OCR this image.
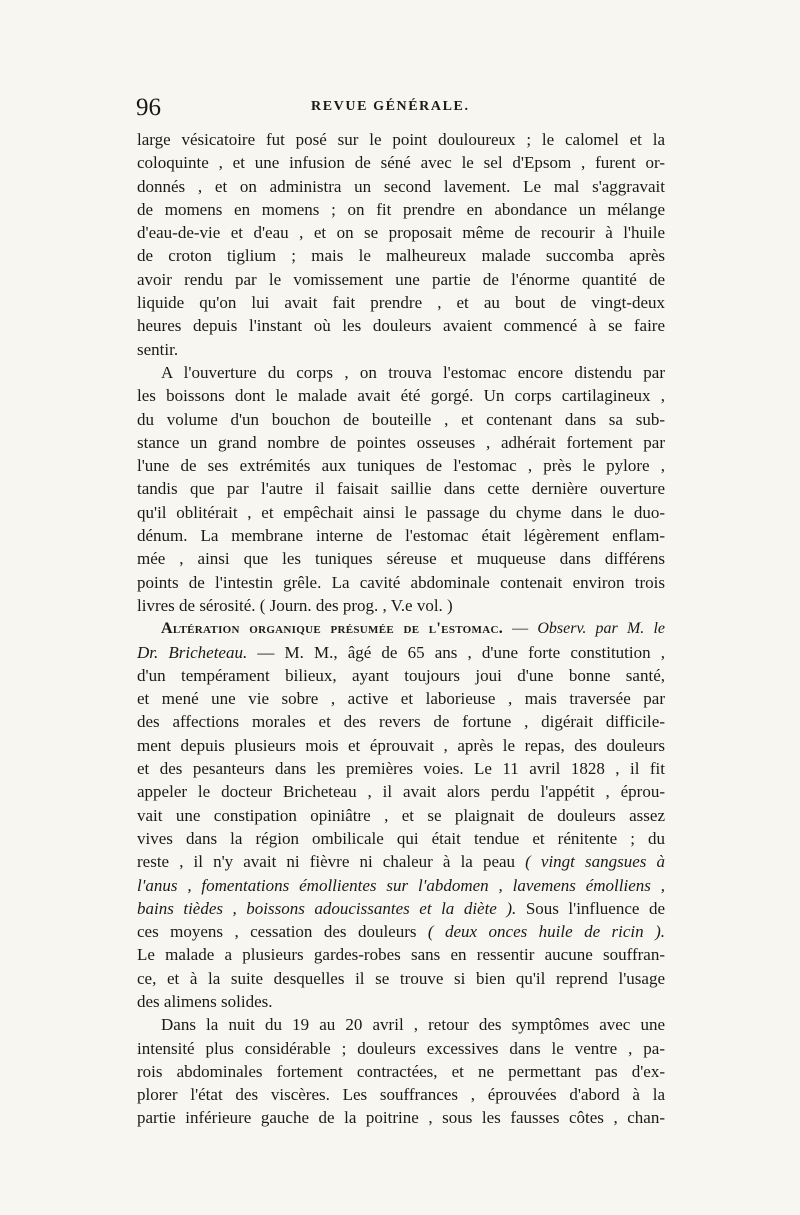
96	REVUE GÉNÉRALE.
large vésicatoire fut posé sur le point douloureux ; le calomel et la
coloquinte , et une infusion de séné avec le sel d'Epsom , furent or-
donnés , et on administra un second lavement. Le mal s'aggravait
de momens en momens ; on fit prendre en abondance un mélange
d'eau-de-vie et d'eau , et on se proposait même de recourir à l'huile
de croton tiglium ; mais le malheureux malade succomba après
avoir rendu par le vomissement une partie de l'énorme quantité de
liquide qu'on lui avait fait prendre , et au bout de vingt-deux
heures depuis l'instant où les douleurs avaient commencé à se faire
sentir.
A l'ouverture du corps , on trouva l'estomac encore distendu par
les boissons dont le malade avait été gorgé. Un corps cartilagineux ,
du volume d'un bouchon de bouteille , et contenant dans sa sub-
stance un grand nombre de pointes osseuses , adhérait fortement par
l'une de ses extrémités aux tuniques de l'estomac , près le pylore ,
tandis que par l'autre il faisait saillie dans cette dernière ouverture
qu'il oblitérait , et empêchait ainsi le passage du chyme dans le duo-
dénum. La membrane interne de l'estomac était légèrement enflam-
mée , ainsi que les tuniques séreuse et muqueuse dans différens
points de l'intestin grêle. La cavité abdominale contenait environ trois
livres de sérosité. ( Journ. des prog. , V.e vol. )
Altération organique présumée de l'estomac. — Observ. par M. le
Dr. Bricheteau. — M. M., âgé de 65 ans , d'une forte constitution ,
d'un tempérament bilieux, ayant toujours joui d'une bonne santé,
et mené une vie sobre , active et laborieuse , mais traversée par
des affections morales et des revers de fortune , digérait difficile-
ment depuis plusieurs mois et éprouvait , après le repas, des douleurs
et des pesanteurs dans les premières voies. Le 11 avril 1828 , il fit
appeler le docteur Bricheteau , il avait alors perdu l'appétit , éprou-
vait une constipation opiniâtre , et se plaignait de douleurs assez
vives dans la région ombilicale qui était tendue et rénitente ; du
reste , il n'y avait ni fièvre ni chaleur à la peau ( vingt sangsues à
l'anus , fomentations émollientes sur l'abdomen , lavemens émolliens ,
bains tièdes , boissons adoucissantes et la diète ). Sous l'influence de
ces moyens , cessation des douleurs ( deux onces huile de ricin ).
Le malade a plusieurs gardes-robes sans en ressentir aucune souffran-
ce, et à la suite desquelles il se trouve si bien qu'il reprend l'usage
des alimens solides.
Dans la nuit du 19 au 20 avril , retour des symptômes avec une
intensité plus considérable ; douleurs excessives dans le ventre , pa-
rois abdominales fortement contractées, et ne permettant pas d'ex-
plorer l'état des viscères. Les souffrances , éprouvées d'abord à la
partie inférieure gauche de la poitrine , sous les fausses côtes , chan-
